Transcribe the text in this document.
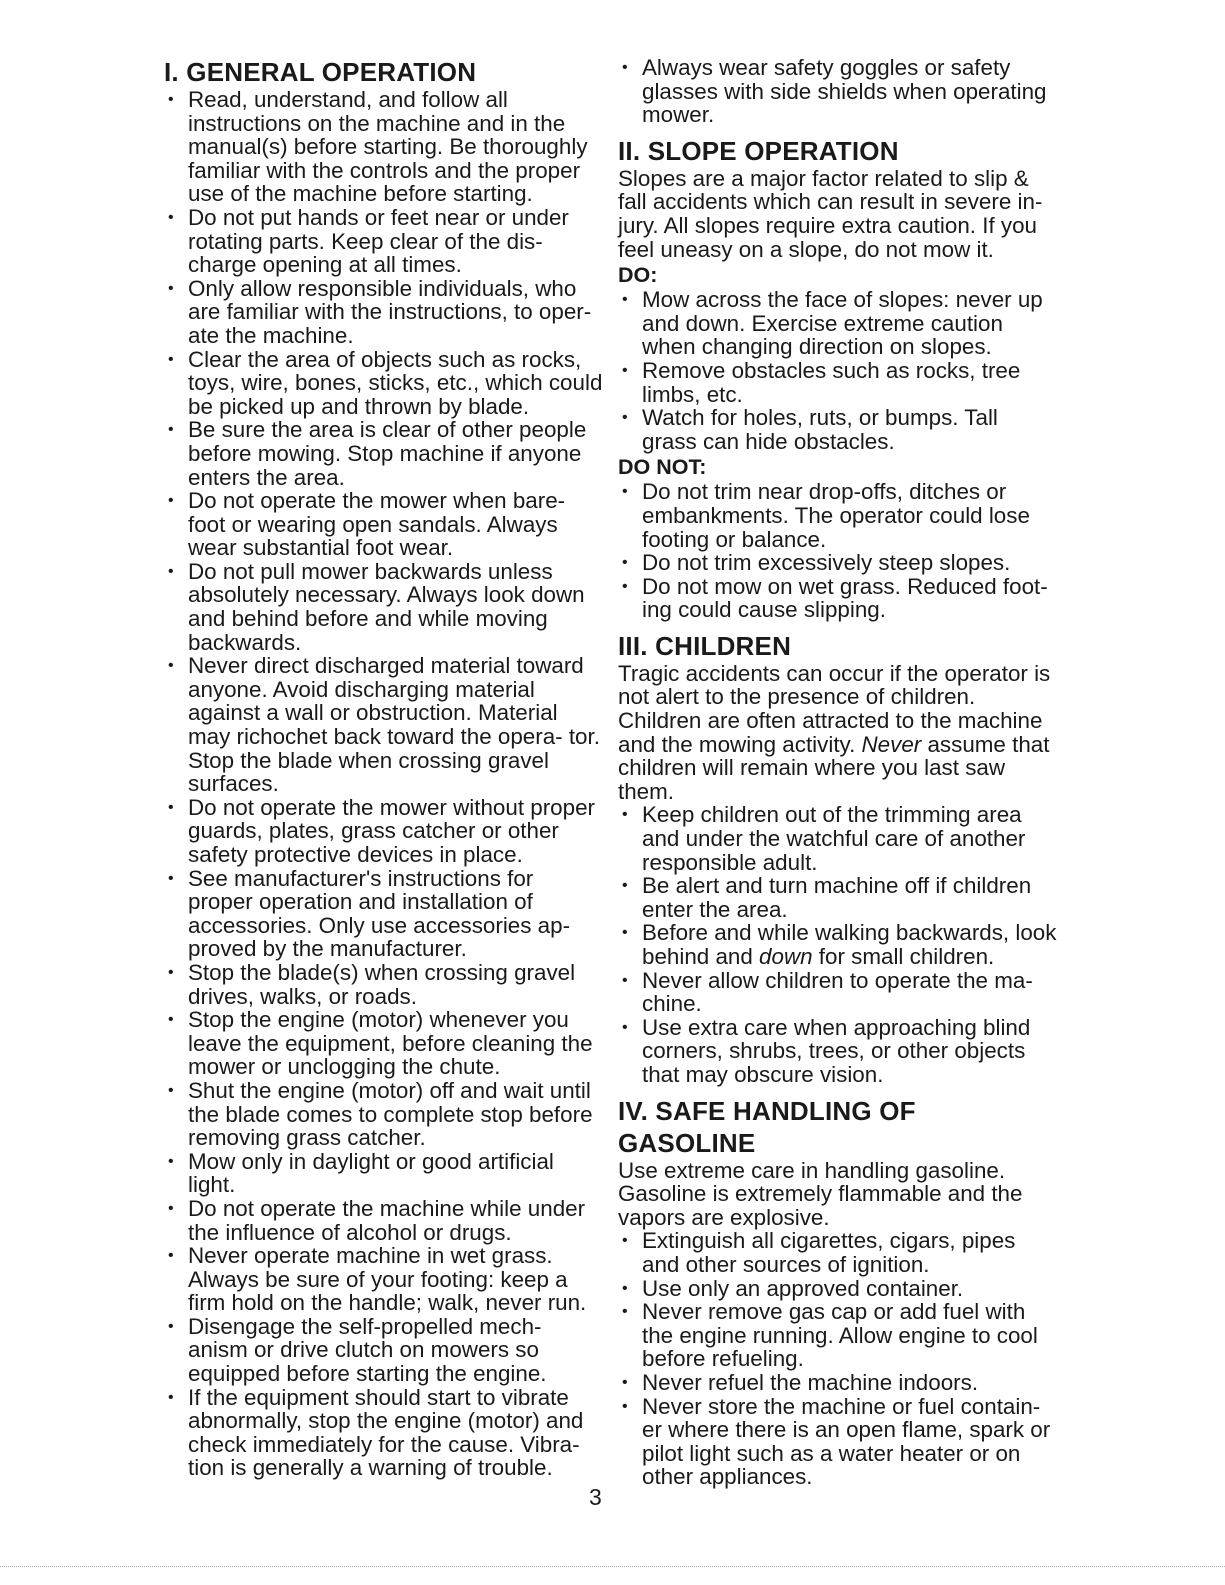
I. GENERAL OPERATION
• Read, understand, and follow all instructions on the machine and in the manual(s) before starting. Be thoroughly familiar with the controls and the proper use of the machine before starting.
• Do not put hands or feet near or under rotating parts. Keep clear of the dis- charge opening at all times.
• Only allow responsible individuals, who are familiar with the instructions, to oper- ate the machine.
• Clear the area of objects such as rocks, toys, wire, bones, sticks, etc., which could be picked up and thrown by blade.
• Be sure the area is clear of other people before mowing. Stop machine if anyone enters the area.
• Do not operate the mower when bare- foot or wearing open sandals. Always wear substantial foot wear.
• Do not pull mower backwards unless absolutely necessary. Always look down and behind before and while moving backwards.
• Never direct discharged material toward anyone. Avoid discharging material against a wall or obstruction. Material may richochet back toward the opera- tor. Stop the blade when crossing gravel surfaces.
• Do not operate the mower without proper guards, plates, grass catcher or other safety protective devices in place.
• See manufacturer's instructions for proper operation and installation of accessories. Only use accessories ap- proved by the manufacturer.
• Stop the blade(s) when crossing gravel drives, walks, or roads.
• Stop the engine (motor) whenever you leave the equipment, before cleaning the mower or unclogging the chute.
• Shut the engine (motor) off and wait until the blade comes to complete stop before removing grass catcher.
• Mow only in daylight or good artificial light.
• Do not operate the machine while under the influence of alcohol or drugs.
• Never operate machine in wet grass. Always be sure of your footing: keep a firm hold on the handle; walk, never run.
• Disengage the self-propelled mech- anism or drive clutch on mowers so equipped before starting the engine.
• If the equipment should start to vibrate abnormally, stop the engine (motor) and check immediately for the cause. Vibra- tion is generally a warning of trouble.
• Always wear safety goggles or safety glasses with side shields when operating mower.
II. SLOPE OPERATION

Slopes are a major factor related to slip & fall accidents which can result in severe in- jury. All slopes require extra caution. If you feel uneasy on a slope, do not mow it.

DO:
• Mow across the face of slopes: never up and down. Exercise extreme caution when changing direction on slopes.
• Remove obstacles such as rocks, tree limbs, etc.
• Watch for holes, ruts, or bumps. Tall grass can hide obstacles.
DO NOT:
• Do not trim near drop-offs, ditches or embankments. The operator could lose footing or balance.
• Do not trim excessively steep slopes.
• Do not mow on wet grass. Reduced foot- ing could cause slipping.
III. CHILDREN

Tragic accidents can occur if the operator is not alert to the presence of children. Children are often attracted to the machine and the mowing activity. Never assume that children will remain where you last saw them.

• Keep children out of the trimming area and under the watchful care of another responsible adult.
• Be alert and turn machine off if children enter the area.
• Before and while walking backwards, look behind and down for small children.
• Never allow children to operate the ma- chine.
• Use extra care when approaching blind corners, shrubs, trees, or other objects that may obscure vision.
IV. SAFE HANDLING OF GASOLINE

Use extreme care in handling gasoline. Gasoline is extremely flammable and the vapors are explosive.

• Extinguish all cigarettes, cigars, pipes and other sources of ignition.
• Use only an approved container.
• Never remove gas cap or add fuel with the engine running. Allow engine to cool before refueling.
• Never refuel the machine indoors.
• Never store the machine or fuel contain- er where there is an open flame, spark or pilot light such as a water heater or on other appliances.
3
